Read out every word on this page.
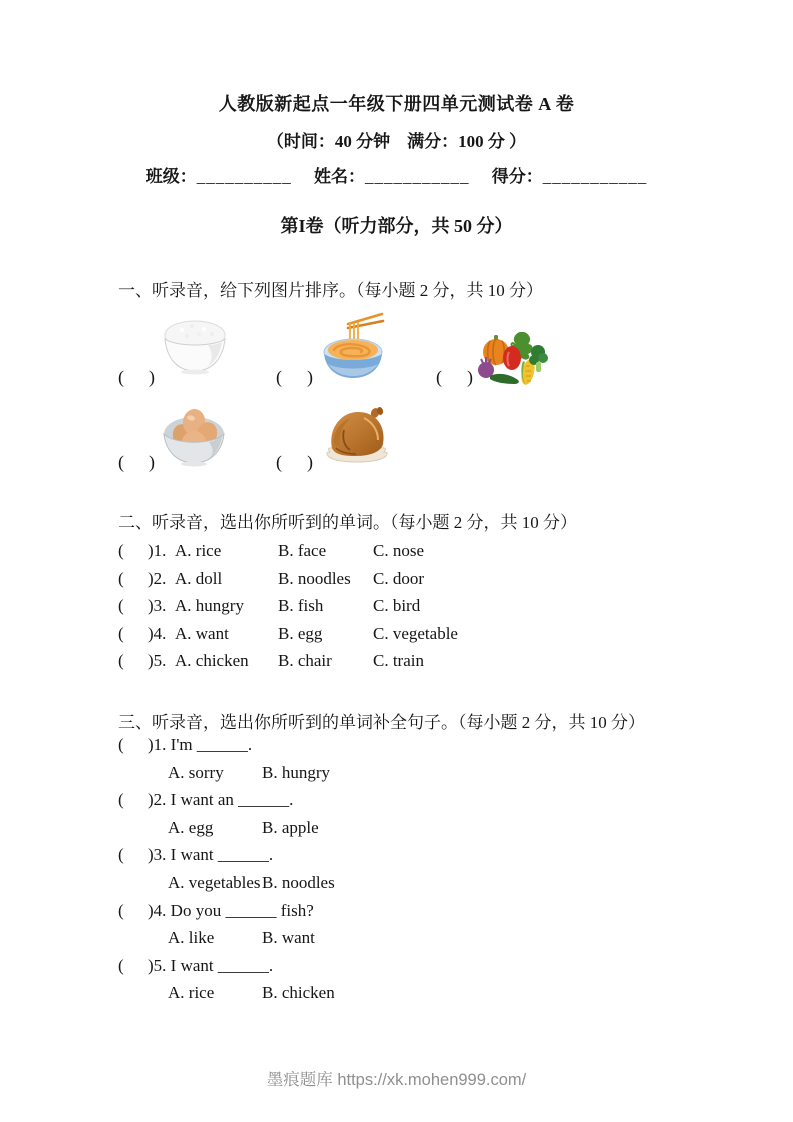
人教版新起点一年级下册四单元测试卷 A 卷
（时间：40 分钟　满分：100 分 ）
班级：__________ 姓名：___________ 得分：___________
第I卷（听力部分，共 50 分）
一、听录音，给下列图片排序。（每小题 2 分，共 10 分）
( )	( )	( )
( )	( )
二、听录音，选出你所听到的单词。（每小题 2 分，共 10 分）
(	)1. A. rice	B. face	C. nose
(	)2. A. doll	B. noodles	C. door
(	)3. A. hungry	B. fish	C. bird
(	)4. A. want	B. egg	C. vegetable
(	)5. A. chicken	B. chair	C. train
三、听录音，选出你所听到的单词补全句子。（每小题 2 分，共 10 分）
(	)1. I'm ______.
A. sorry	B. hungry
(	)2. I want an ______.
A. egg	B. apple
(	)3. I want ______.
A. vegetables B. noodles
(	)4. Do you ______ fish?
A. like	B. want
(	)5. I want ______.
A. rice	B. chicken
墨痕题库 https://xk.mohen999.com/
